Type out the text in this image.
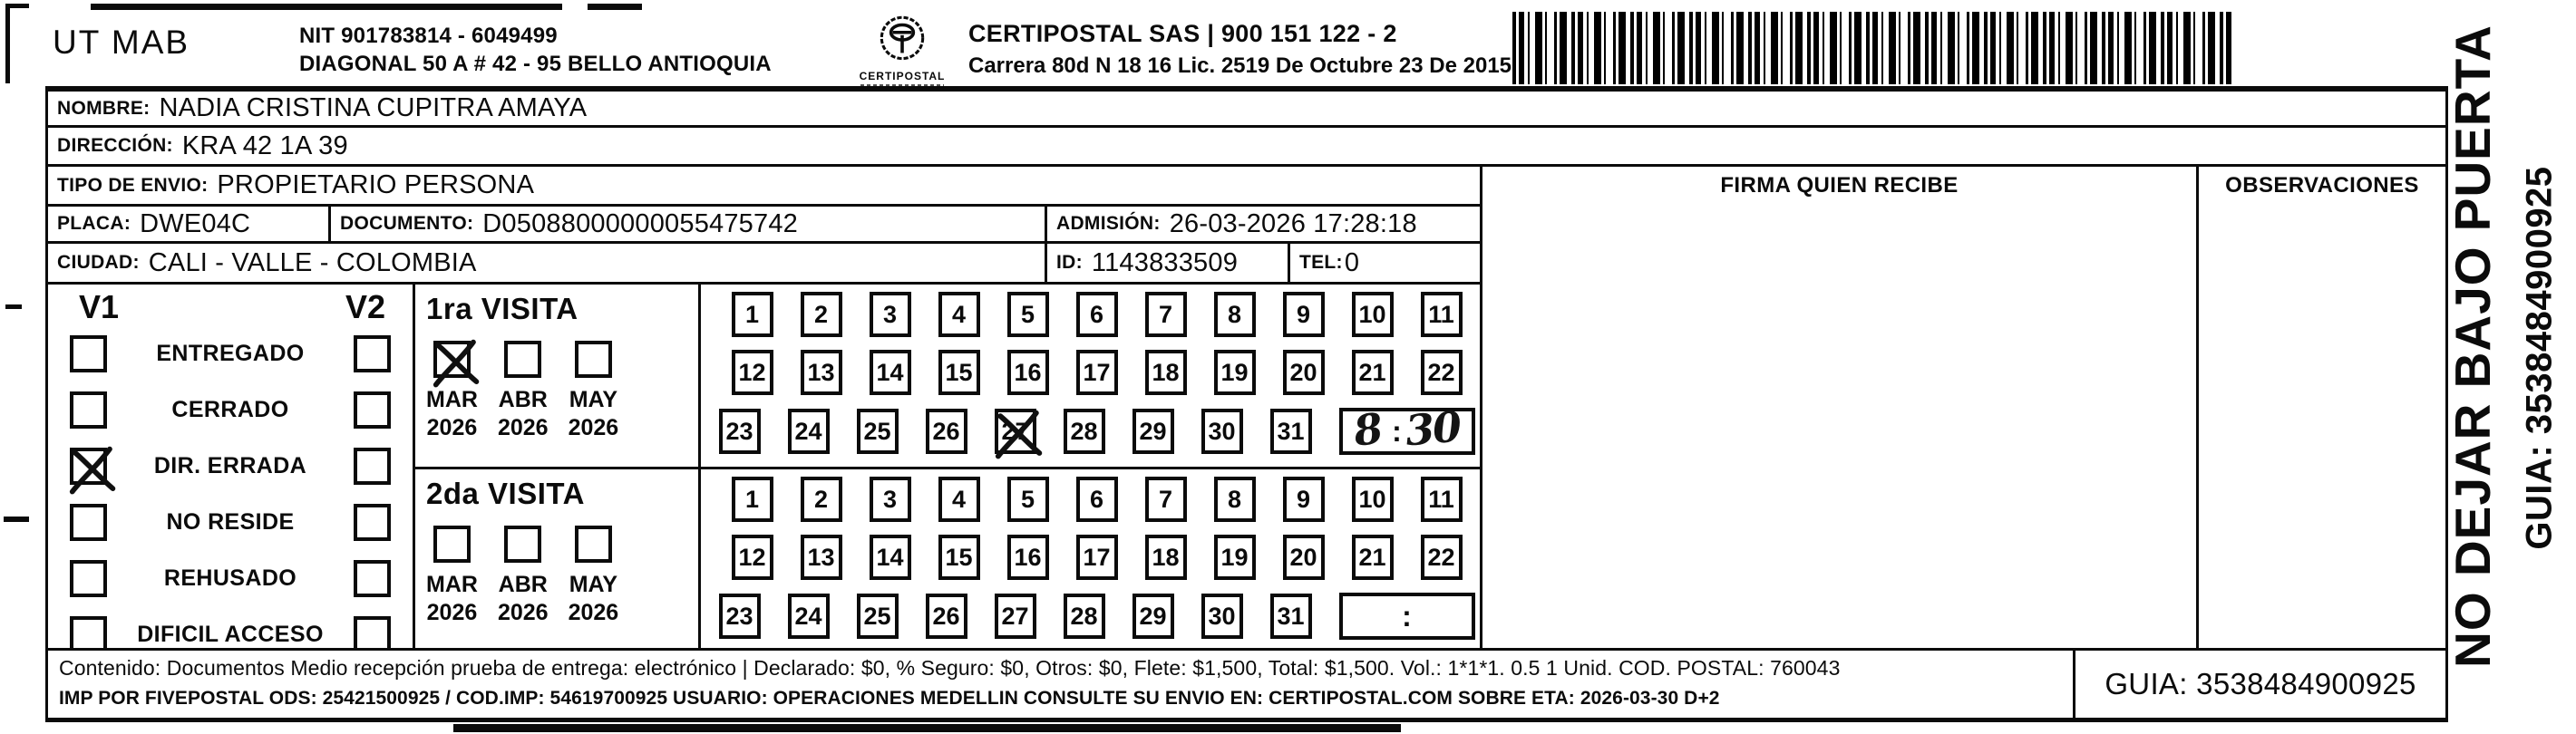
UT MAB	NIT 901783814 - 6049499
DIAGONAL 50 A # 42 - 95 BELLO ANTIOQUIA	CERTIPOSTAL
CERTIPOSTAL SAS | 900 151 122 - 2
Carrera 80d N 18 16 Lic. 2519 De Octubre 23 De 2015
NOMBRE: NADIA CRISTINA CUPITRA AMAYA
DIRECCIÓN: KRA 42 1A 39
TIPO DE ENVIO: PROPIETARIO PERSONA	FIRMA QUIEN RECIBE	OBSERVACIONES
PLACA: DWE04C	DOCUMENTO: D05088000000055475742	ADMISIÓN: 26-03-2026 17:28:18
CIUDAD: CALI - VALLE - COLOMBIA	ID: 1143833509	TEL: 0
V1	V2
ENTREGADO
CERRADO
DIR. ERRADA
NO RESIDE
REHUSADO
DIFICIL ACCESO
1ra VISITA
MAR
2026
ABR
2026
MAY
2026
1 2 3 4 5 6 7 8 9 10 11
12 13 14 15 16 17 18 19 20 21 22
23 24 25 26 27 28 29 30 31 8 : 30
2da VISITA
MAR
2026
ABR
2026
MAY
2026
1 2 3 4 5 6 7 8 9 10 11
12 13 14 15 16 17 18 19 20 21 22
23 24 25 26 27 28 29 30 31	:
Contenido: Documentos Medio recepción prueba de entrega: electrónico | Declarado: $0, % Seguro: $0, Otros: $0, Flete: $1,500, Total: $1,500. Vol.: 1*1*1. 0.5 1 Unid. COD. POSTAL: 760043
IMP POR FIVEPOSTAL ODS: 25421500925 / COD.IMP: 54619700925 USUARIO: OPERACIONES MEDELLIN CONSULTE SU ENVIO EN: CERTIPOSTAL.COM SOBRE ETA: 2026-03-30 D+2	GUIA: 3538484900925
NO DEJAR BAJO PUERTA GUIA: 3538484900925
